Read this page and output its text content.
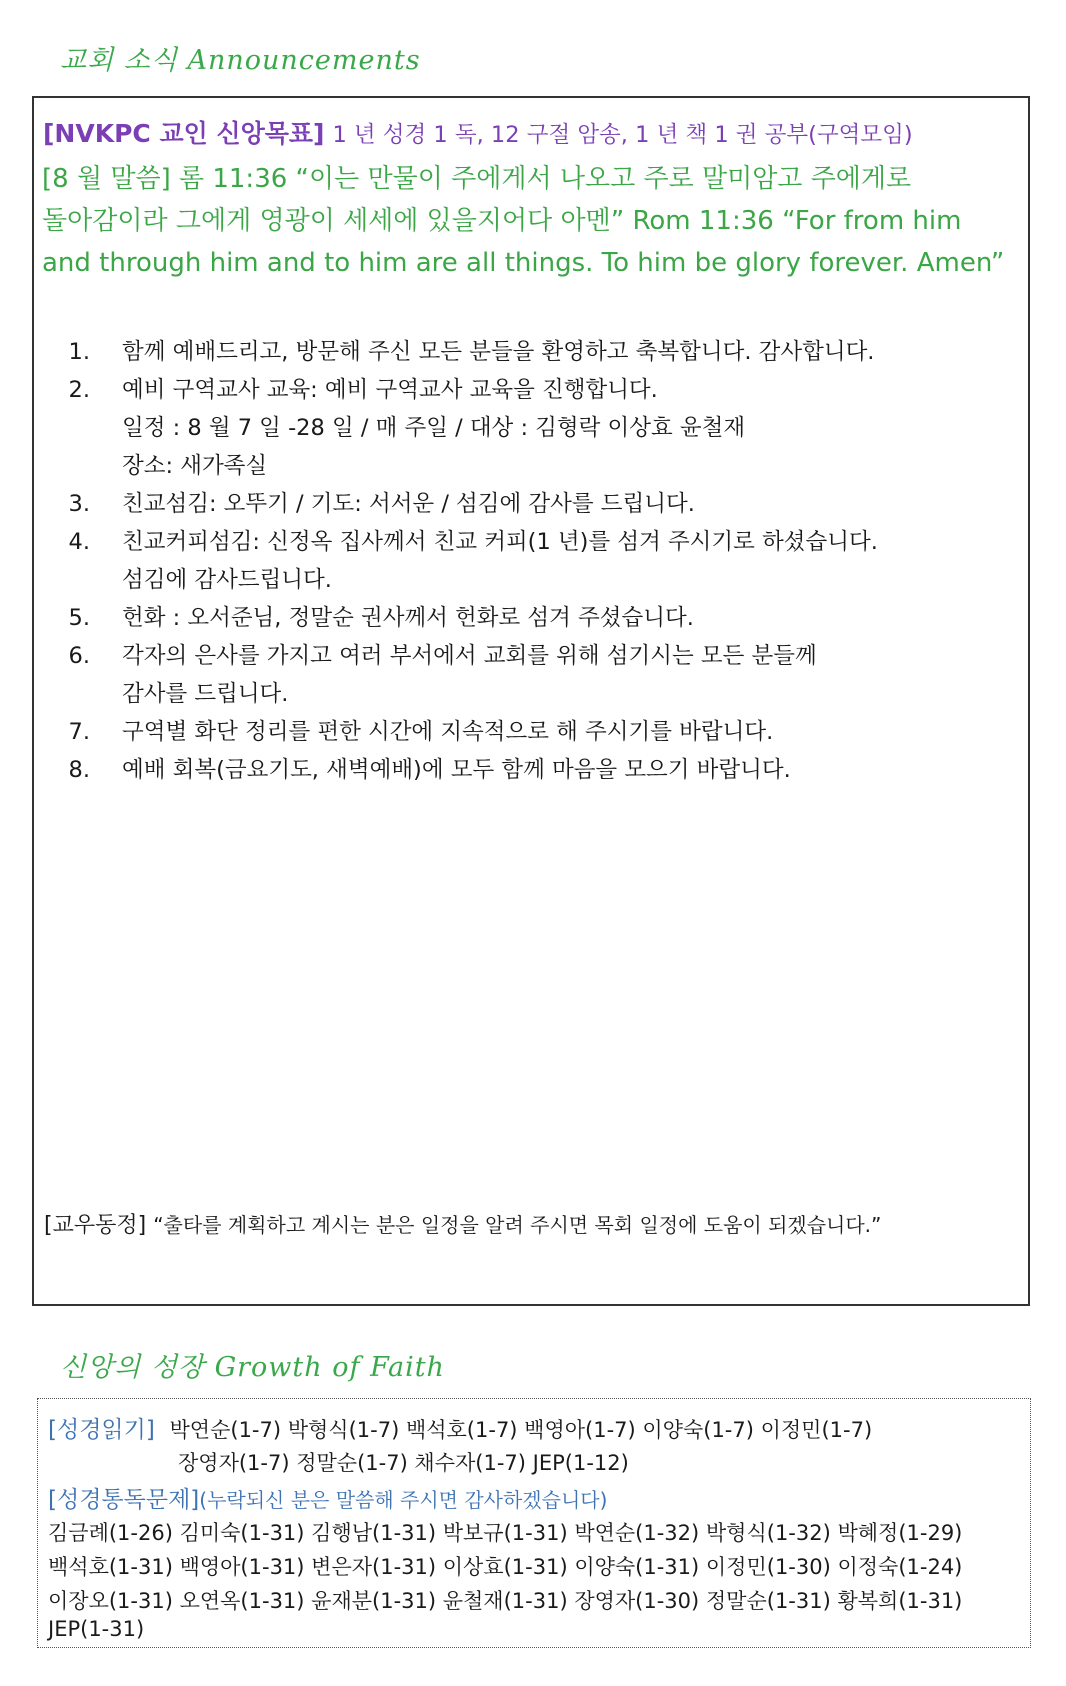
교회 소식 Announcements
[NVKPC 교인 신앙목표] 1 년 성경 1 독, 12 구절 암송, 1 년 책 1 권 공부(구역모임)
[8 월 말씀] 롬 11:36 “이는 만물이 주에게서 나오고 주로 말미암고 주에게로
돌아감이라 그에게 영광이 세세에 있을지어다 아멘” Rom 11:36 “For from him
and through him and to him are all things. To him be glory forever. Amen”
1. 함께 예배드리고, 방문해 주신 모든 분들을 환영하고 축복합니다. 감사합니다.
2. 예비 구역교사 교육: 예비 구역교사 교육을 진행합니다.
일정 : 8 월 7 일 -28 일 / 매 주일 / 대상 : 김형락 이상효 윤철재
장소: 새가족실
3. 친교섬김: 오뚜기 / 기도: 서서운 / 섬김에 감사를 드립니다.
4. 친교커피섬김: 신정옥 집사께서 친교 커피(1 년)를 섬겨 주시기로 하셨습니다.
섬김에 감사드립니다.
5. 헌화 : 오서준님, 정말순 권사께서 헌화로 섬겨 주셨습니다.
6. 각자의 은사를 가지고 여러 부서에서 교회를 위해 섬기시는 모든 분들께
감사를 드립니다.
7. 구역별 화단 정리를 편한 시간에 지속적으로 해 주시기를 바랍니다.
8. 예배 회복(금요기도, 새벽예배)에 모두 함께 마음을 모으기 바랍니다.
[교우동정] “출타를 계획하고 계시는 분은 일정을 알려 주시면 목회 일정에 도움이 되겠습니다.”
신앙의 성장 Growth of Faith
[성경읽기] 박연순(1-7) 박형식(1-7) 백석호(1-7) 백영아(1-7) 이양숙(1-7) 이정민(1-7)
장영자(1-7) 정말순(1-7) 채수자(1-7) JEP(1-12)
[성경통독문제](누락되신 분은 말씀해 주시면 감사하겠습니다)
김금례(1-26) 김미숙(1-31) 김행남(1-31) 박보규(1-31) 박연순(1-32) 박형식(1-32) 박혜정(1-29)
백석호(1-31) 백영아(1-31) 변은자(1-31) 이상효(1-31) 이양숙(1-31) 이정민(1-30) 이정숙(1-24)
이장오(1-31) 오연옥(1-31) 윤재분(1-31) 윤철재(1-31) 장영자(1-30) 정말순(1-31) 황복희(1-31)
JEP(1-31)
